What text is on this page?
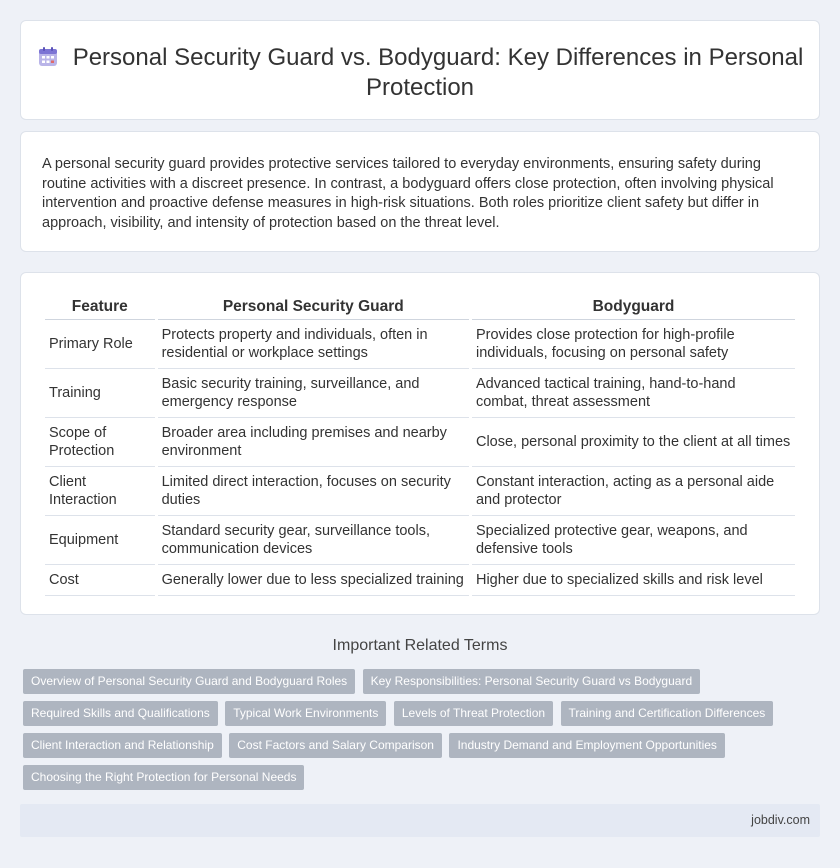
Personal Security Guard vs. Bodyguard: Key Differences in Personal Protection

A personal security guard provides protective services tailored to everyday environments, ensuring safety during routine activities with a discreet presence. In contrast, a bodyguard offers close protection, often involving physical intervention and proactive defense measures in high-risk situations. Both roles prioritize client safety but differ in approach, visibility, and intensity of protection based on the threat level.

Feature	Personal Security Guard	Bodyguard
Primary Role	Protects property and individuals, often in residential or workplace settings	Provides close protection for high-profile individuals, focusing on personal safety
Training	Basic security training, surveillance, and emergency response	Advanced tactical training, hand-to-hand combat, threat assessment
Scope of Protection	Broader area including premises and nearby environment	Close, personal proximity to the client at all times
Client Interaction	Limited direct interaction, focuses on security duties	Constant interaction, acting as a personal aide and protector
Equipment	Standard security gear, surveillance tools, communication devices	Specialized protective gear, weapons, and defensive tools
Cost	Generally lower due to less specialized training	Higher due to specialized skills and risk level
Important Related Terms
Overview of Personal Security Guard and Bodyguard Roles Key Responsibilities: Personal Security Guard vs Bodyguard Required Skills and Qualifications Typical Work Environments Levels of Threat Protection Training and Certification Differences Client Interaction and Relationship Cost Factors and Salary Comparison Industry Demand and Employment Opportunities Choosing the Right Protection for Personal Needs
jobdiv.com
